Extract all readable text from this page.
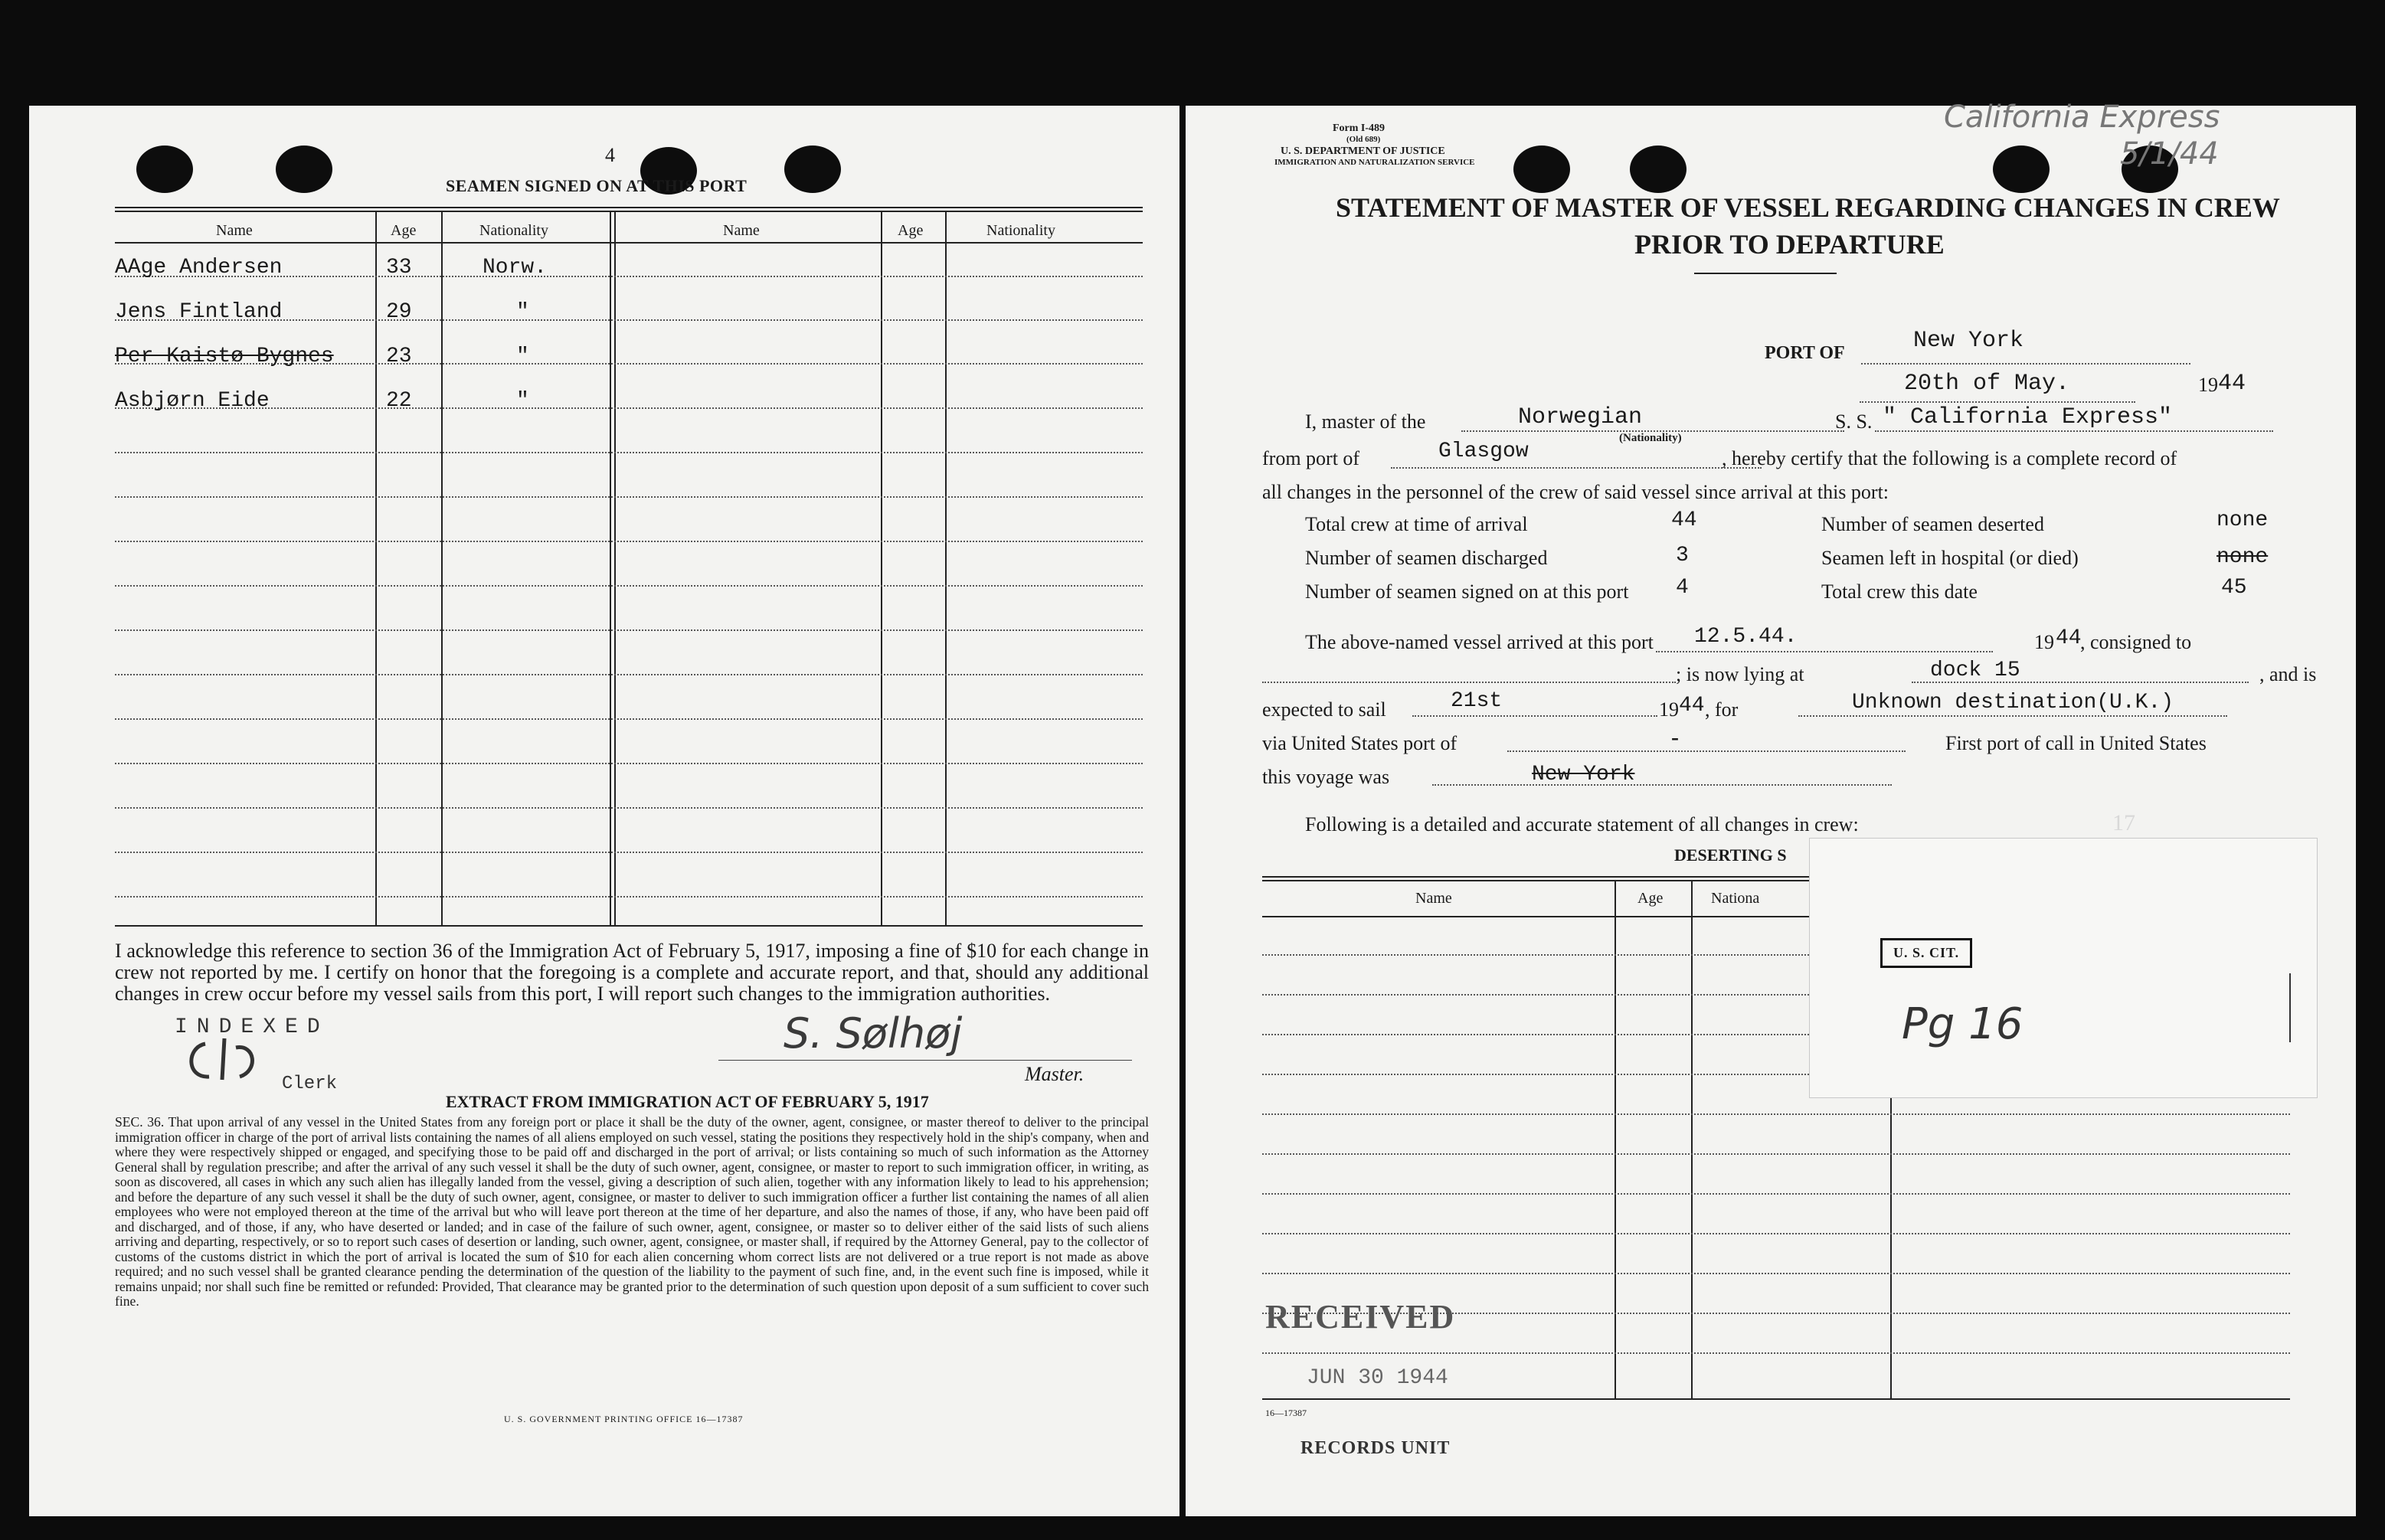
4
SEAMEN SIGNED ON AT THIS PORT
Name	Age	Nationality	Name	Age	Nationality
AAge Andersen	33	Norw.
Jens Fintland	29	"
Per Kaistø Bygnes 23	"
Asbjørn Eide	22	"
I acknowledge this reference to section 36 of the Immigration Act of February 5, 1917, imposing a fine of $10 for each change in crew not reported by me. I certify on honor that the foregoing is a complete and accurate report, and that, should any additional changes in crew occur before my vessel sails from this port, I will report such changes to the immigration authorities.
INDEXED
Clerk
S. Sølhøj
Master.
EXTRACT FROM IMMIGRATION ACT OF FEBRUARY 5, 1917
SEC. 36. That upon arrival of any vessel in the United States from any foreign port or place it shall be the duty of the owner, agent, consignee, or master thereof to deliver to the principal immigration officer in charge of the port of arrival lists containing the names of all aliens employed on such vessel, stating the positions they respectively hold in the ship's company, when and where they were respectively shipped or engaged, and specifying those to be paid off and discharged in the port of arrival; or lists containing so much of such information as the Attorney General shall by regulation prescribe; and after the arrival of any such vessel it shall be the duty of such owner, agent, consignee, or master to report to such immigration officer, in writing, as soon as discovered, all cases in which any such alien has illegally landed from the vessel, giving a description of such alien, together with any information likely to lead to his apprehension; and before the departure of any such vessel it shall be the duty of such owner, agent, consignee, or master to deliver to such immigration officer a further list containing the names of all alien employees who were not employed thereon at the time of the arrival but who will leave port thereon at the time of her departure, and also the names of those, if any, who have been paid off and discharged, and of those, if any, who have deserted or landed; and in case of the failure of such owner, agent, consignee, or master so to deliver either of the said lists of such aliens arriving and departing, respectively, or so to report such cases of desertion or landing, such owner, agent, consignee, or master shall, if required by the Attorney General, pay to the collector of customs of the customs district in which the port of arrival is located the sum of $10 for each alien concerning whom correct lists are not delivered or a true report is not made as above required; and no such vessel shall be granted clearance pending the determination of the question of the liability to the payment of such fine, and, in the event such fine is imposed, while it remains unpaid; nor shall such fine be remitted or refunded: Provided, That clearance may be granted prior to the determination of such question upon deposit of a sum sufficient to cover such fine.
U. S. GOVERNMENT PRINTING OFFICE 16—17387
Form I-489
(Old 689)
U. S. DEPARTMENT OF JUSTICE
IMMIGRATION AND NATURALIZATION SERVICE
California Express
5/1/44
STATEMENT OF MASTER OF VESSEL REGARDING CHANGES IN CREW
PRIOR TO DEPARTURE
PORT OF	New York
20th of May.	19 44
I, master of the	Norwegian
(Nationality)
S. S. " California Express"
from port of	Glasgow	, hereby certify that the following is a complete record of
all changes in the personnel of the crew of said vessel since arrival at this port:
Total crew at time of arrival	44
Number of seamen discharged	3
Number of seamen signed on at this port 4
Number of seamen deserted	none
Seamen left in hospital (or died)	none
Total crew this date	45
The above-named vessel arrived at this port 12.5.44.	19 44
, consigned to
; is now lying at	dock 15	, and is
expected to sail	21st	19 44 , for	Unknown destination(U.K.)
via United States port of	-	First port of call in United States
this voyage was	New York
Following is a detailed and accurate statement of all changes in crew:	17
DESERTING S
Name	Age	Nationa
U. S. CIT.
Pg 16
RECEIVED
JUN 30 1944
16—17387
RECORDS UNIT
